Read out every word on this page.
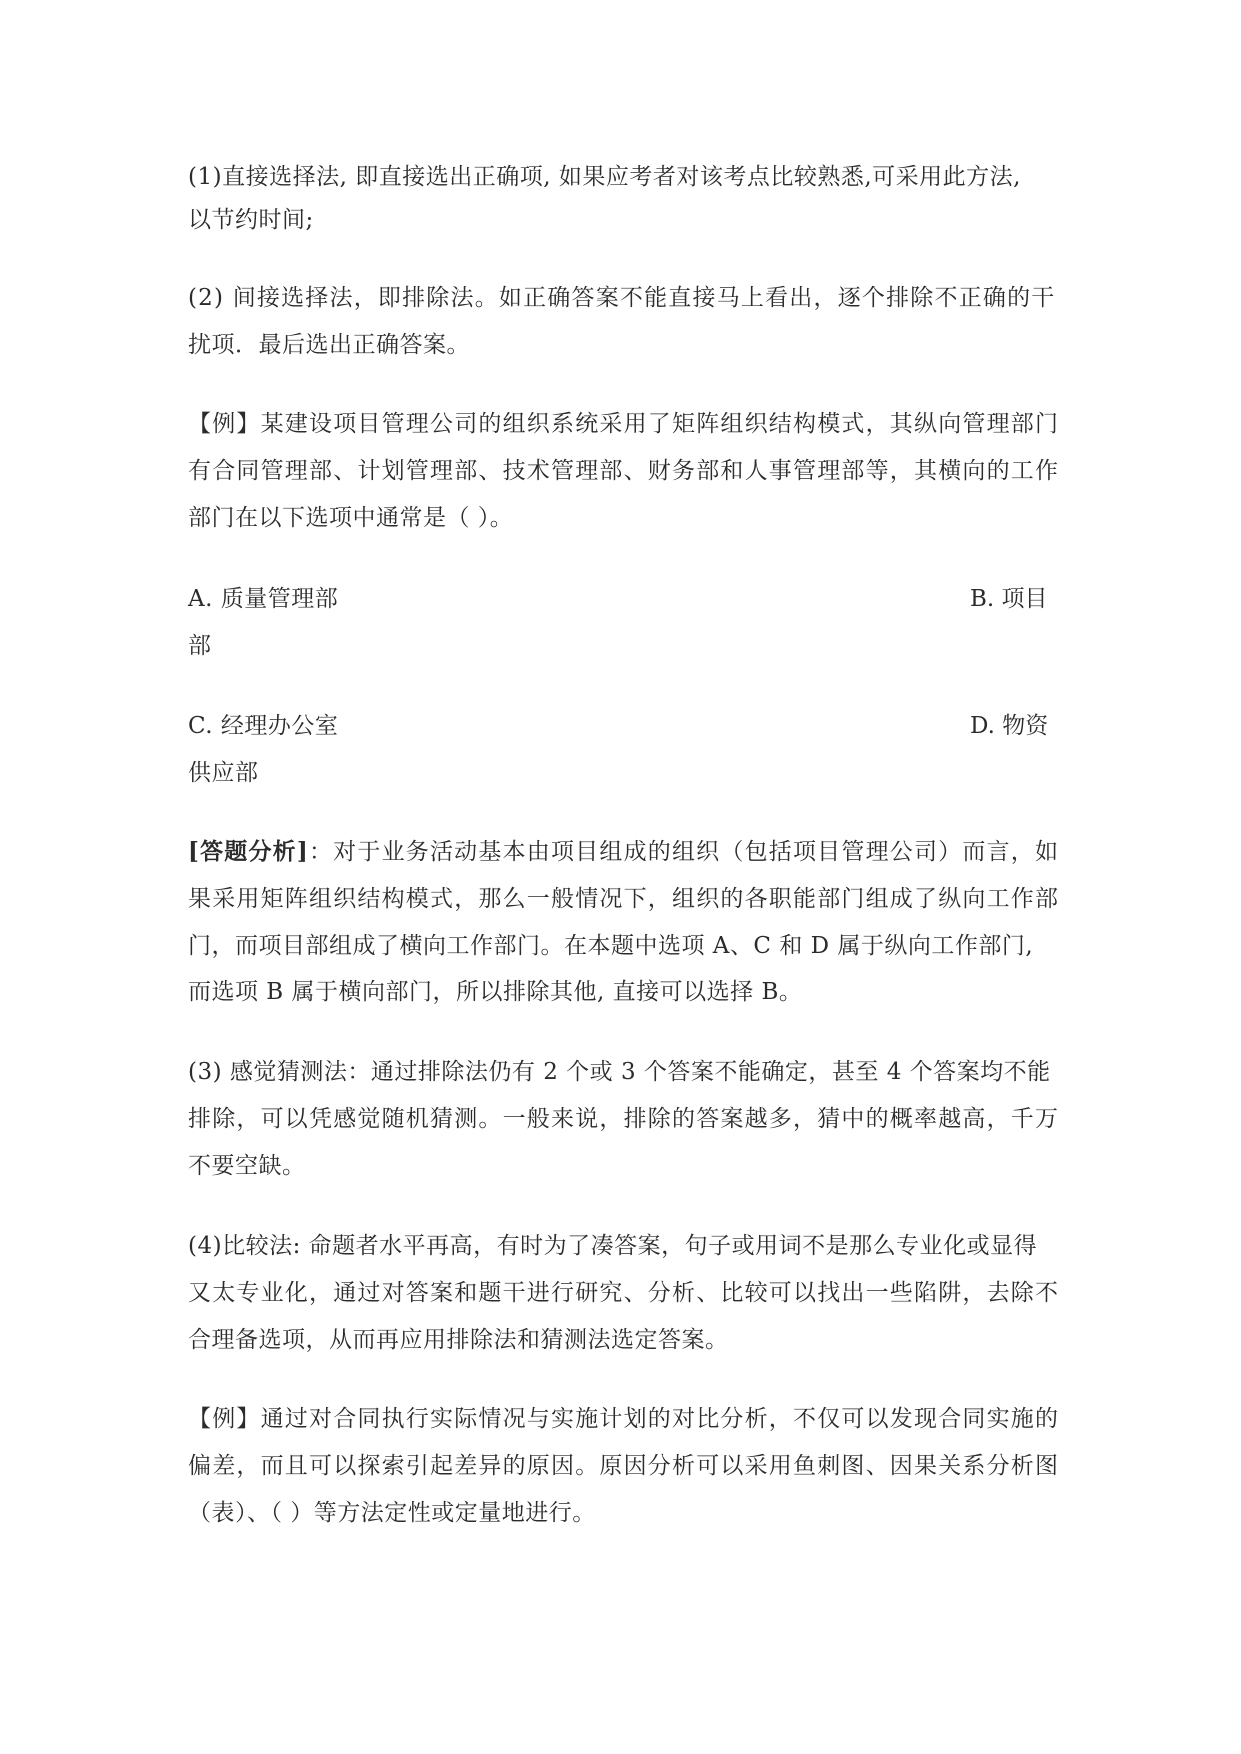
(1)直接选择法, 即直接选出正确项, 如果应考者对该考点比较熟悉,可采用此方法,

以节约时间;

(2) 间接选择法，即排除法。如正确答案不能直接马上看出，逐个排除不正确的干

扰项．最后选出正确答案。

【例】某建设项目管理公司的组织系统采用了矩阵组织结构模式，其纵向管理部门

有合同管理部、计划管理部、技术管理部、财务部和人事管理部等，其横向的工作

部门在以下选项中通常是（ ）。

A. 质量管理部	B. 项目

部

C. 经理办公室	D. 物资

供应部

[答题分析]：对于业务活动基本由项目组成的组织（包括项目管理公司）而言，如

果采用矩阵组织结构模式，那么一般情况下，组织的各职能部门组成了纵向工作部

门，而项目部组成了横向工作部门。在本题中选项 A、C 和 D 属于纵向工作部门,

而选项 B 属于横向部门，所以排除其他, 直接可以选择 B。

(3) 感觉猜测法：通过排除法仍有 2 个或 3 个答案不能确定，甚至 4 个答案均不能

排除，可以凭感觉随机猜测。一般来说，排除的答案越多，猜中的概率越高，千万

不要空缺。

(4)比较法: 命题者水平再高，有时为了凑答案，句子或用词不是那么专业化或显得

又太专业化，通过对答案和题干进行研究、分析、比较可以找出一些陷阱，去除不

合理备选项，从而再应用排除法和猜测法选定答案。

【例】通过对合同执行实际情况与实施计划的对比分析，不仅可以发现合同实施的

偏差，而且可以探索引起差异的原因。原因分析可以采用鱼刺图、因果关系分析图

（表）、（ ）等方法定性或定量地进行。
